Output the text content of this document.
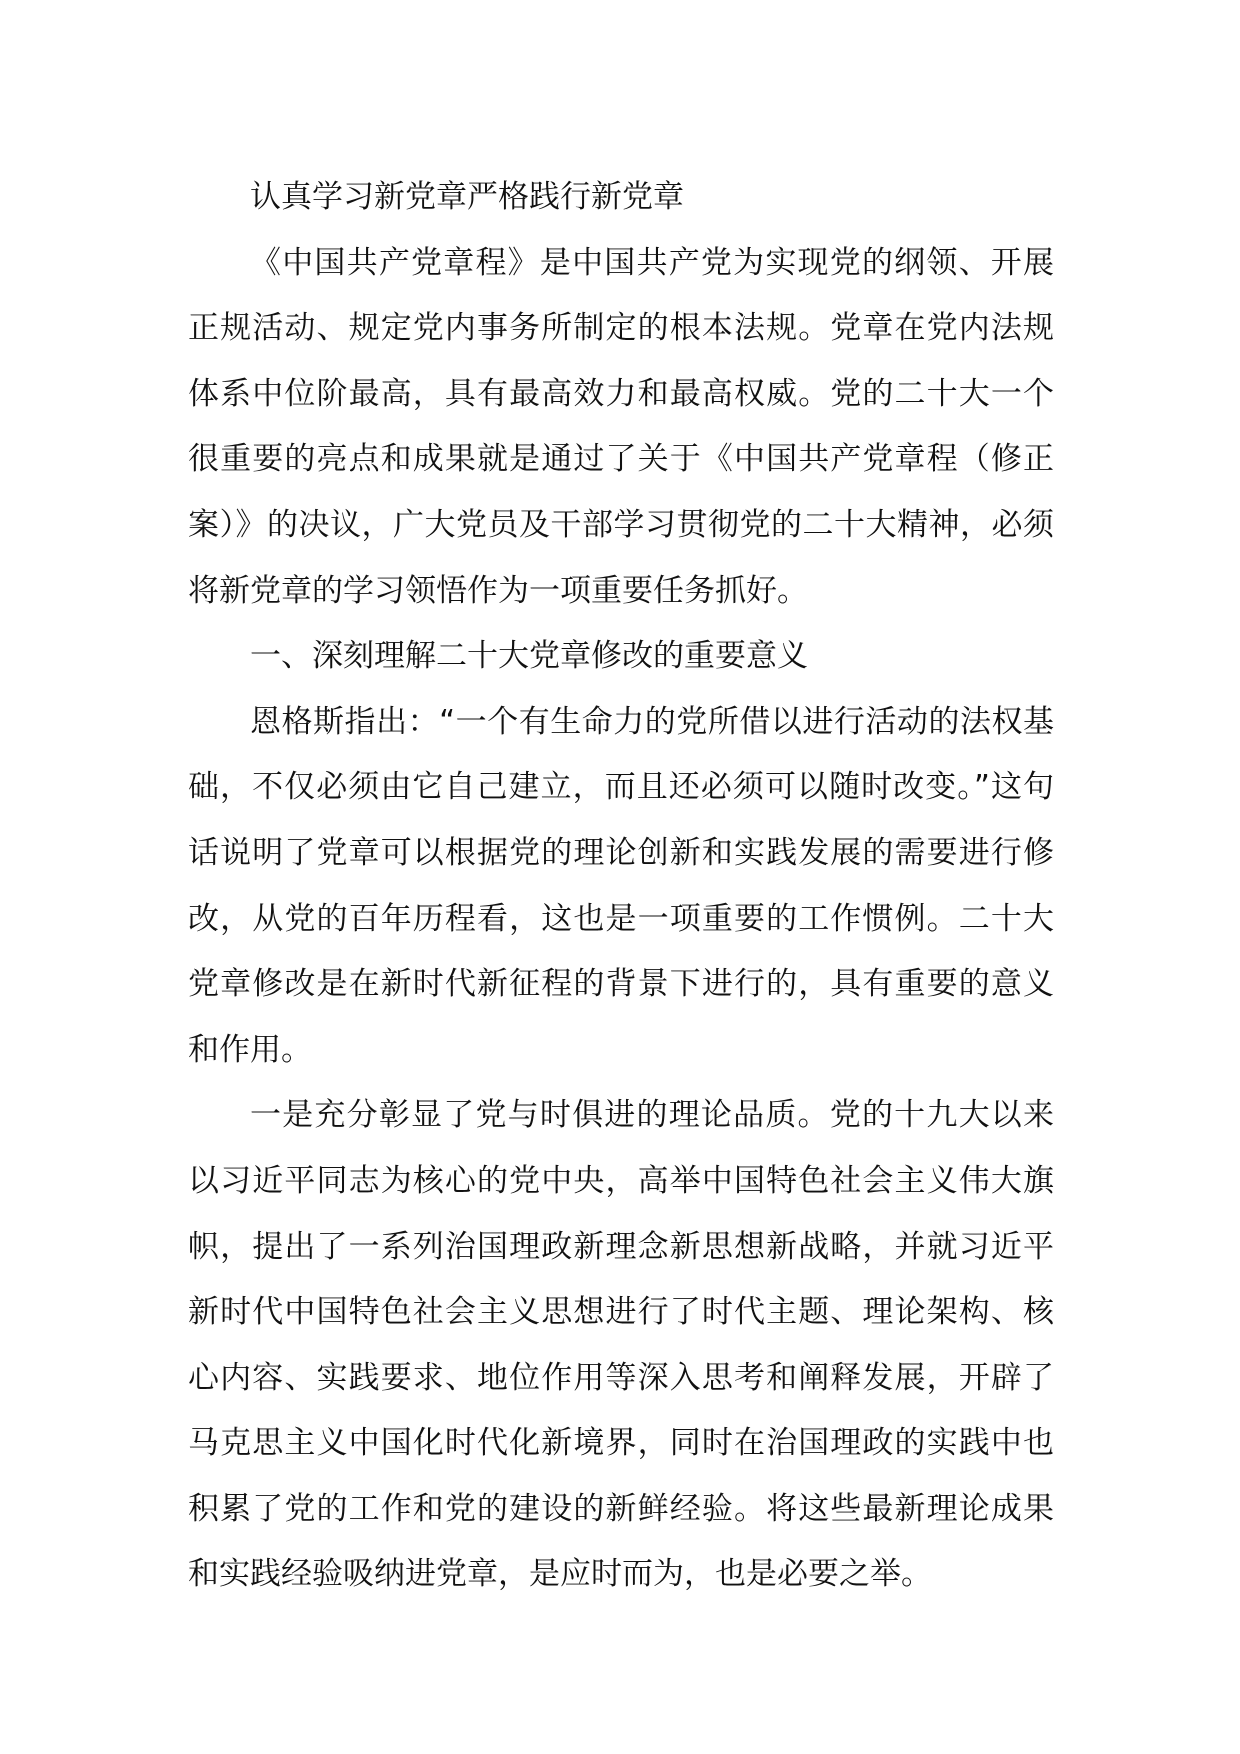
认真学习新党章严格践行新党章

《中国共产党章程》是中国共产党为实现党的纲领、开展正规活动、规定党内事务所制定的根本法规。党章在党内法规体系中位阶最高，具有最高效力和最高权威。党的二十大一个很重要的亮点和成果就是通过了关于《中国共产党章程（修正案）》的决议，广大党员及干部学习贯彻党的二十大精神，必须将新党章的学习领悟作为一项重要任务抓好。

一、深刻理解二十大党章修改的重要意义

恩格斯指出：“一个有生命力的党所借以进行活动的法权基础，不仅必须由它自己建立，而且还必须可以随时改变。”这句话说明了党章可以根据党的理论创新和实践发展的需要进行修改，从党的百年历程看，这也是一项重要的工作惯例。二十大党章修改是在新时代新征程的背景下进行的，具有重要的意义和作用。

一是充分彰显了党与时俱进的理论品质。党的十九大以来以习近平同志为核心的党中央，高举中国特色社会主义伟大旗帜，提出了一系列治国理政新理念新思想新战略，并就习近平新时代中国特色社会主义思想进行了时代主题、理论架构、核心内容、实践要求、地位作用等深入思考和阐释发展，开辟了马克思主义中国化时代化新境界，同时在治国理政的实践中也积累了党的工作和党的建设的新鲜经验。将这些最新理论成果和实践经验吸纳进党章，是应时而为，也是必要之举。
